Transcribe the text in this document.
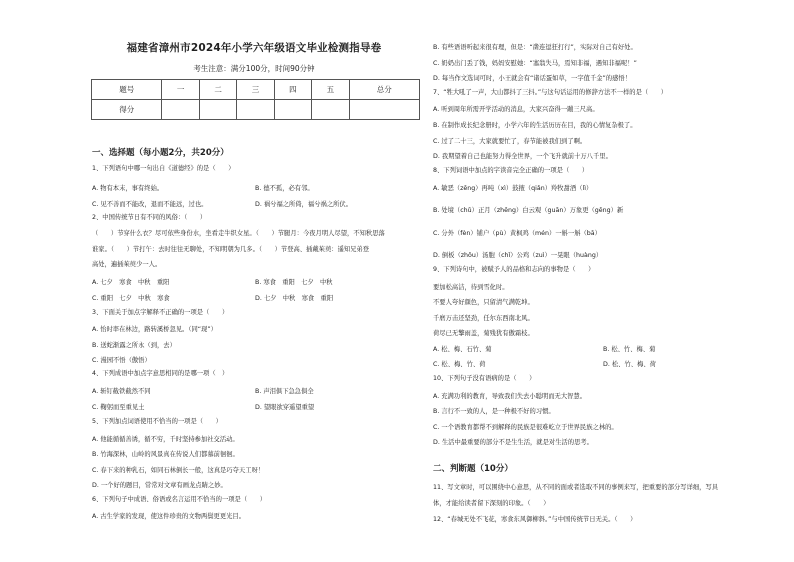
福建省漳州市2024年小学六年级语文毕业检测指导卷
考生注意：满分100分，时间90分钟
题号	一	二	三	四	五	总分
得分						
一、选择题（每小题2分，共20分）
1、下列语句中哪一句出自《道德经》的是（　　）
A. 物有本末，事有终始。	B. 德不孤，必有邻。
C. 见不善而不能改，退而不能远，过也。	D. 祸兮福之所倚，福兮祸之所伏。
2、中国传统节日有不同的风俗：（　　）
（　　）节穿什么衣？尽可依些身份水，坐看走牛织女星。（　　）节腿月：今夜月明人尽望，不知秋思落
谁家。（　　）节打午：去时往往无聊处，不知明朝为几多。（　　）节登高、插戴茱萸：遥知兄弟登
高处，遍插茱萸少一人。
A. 七夕　寒食　中秋　重阳	B. 寒食　重阳　七夕　中秋
C. 重阳　七夕　中秋　寒食	D. 七夕　中秋　寒食　重阳
3、下面关于加点字解释不正确的一项是（　　）
A. 怡时率在林边，路转溪桥忽见。（同“现”）
B. 送蛇渐露之所永（到，去）
C. 漫园不悟（傲悟）
4、下列成语中加点字意思相同的是哪一项（　）
A. 斩钉截铁截然不同	B. 声泪俱下急急俱全
C. 鞠躬而至重见土	D. 望眼欲穿遥望重望
5、下列加点词语使用不恰当的一项是（　　）
A. 他能循循善诱，循不穷，千时坚持参加社交活动。
B. 竹海深林，山岭的风景真在传说人们都慕前徊徊。
C. 春下来的种乳石，如同石林倒长一般，这真是巧夺天工呀！
D. 一个好的题目，常常对文章有画龙点睛之妙。
6、下列句子中成语、俗语或名言运用不恰当的一项是（　　）
A. 古生学家的发现，使这件珍贵的文物两鬓更更光目。
B. 有些语语听起来很有理，但是：“凿连逗狂打行”，实际对自己有好处。
C. 奶奶出门丢了钱，妈妈安慰她：“塞翁失马，焉知非福，遇知非福呢！”
D. 每当作文选词可时，小王就会有“诸话蛋如草，一字值千金”的感悟！
7、“牲大吼了一声，大山都抖了三抖。”与这句话运用的修辞方法不一样的是（　　）
A. 听到周年所需开学活动的消息，大家兴奋得一蹦三尺高。
B. 在制作成长纪念册时，小学六年的生活历历在目，我的心情复杂极了。
C. 过了二十三，大家就要忙了，春节能被我们到了啊。
D. 我期望着自己也能努力得全世界，一个飞升就前十万八千里。
8、下列词语中加点的字读音完全正确的一项是（　　）
A. 敏恶（zēng）再吨（xì）鼓掖（qiǎn）羚牧甜酒（lì）
B. 处境（chǔ）正月（zhēng）白云观（guān）万象更（gēng）新
C. 分外（fèn）铺户（pù）黄枫鸡（mén）一斛一斛（bā）
D. 倒板（zhōu）汤胞（chǐ）公鸡（zuì）一晃眼（huàng）
9、下列诗句中，被赋予人的品格和志向的事物是（　　）
要加松高洁，待到雪化时。
不要人夸好颜色，只留清气满乾坤。
千磨万击还坚劲，任尔东西南北风。
荷尽已无擎雨盖，菊残犹有傲霜枝。
A. 松、梅、石竹、菊	B. 松、竹、梅、菊
C. 松、梅、竹、荷	D. 松、竹、梅、荷
10、下列句子没有语病的是（　　）
A. 充满功利的教育，导致我们失去小聪明而无大智慧。
B. 言行不一致的人，是一种极不好的习惯。
C. 一个语教育都帮不到解释的民族是很难屹立于世界民族之林的。
D. 生活中最重要的部分不是生生活，就是对生活的思考。
二、判断题（10分）
11、写文章时，可以围绕中心意思，从不同的面或者选取不同的事例来写，把重要的部分写详细，写具
体，才能给读者留下深刻的印象。（　　）
12、“春城无处不飞花，寒食东风御柳斜。”与中国传统节日无关。（　　）
